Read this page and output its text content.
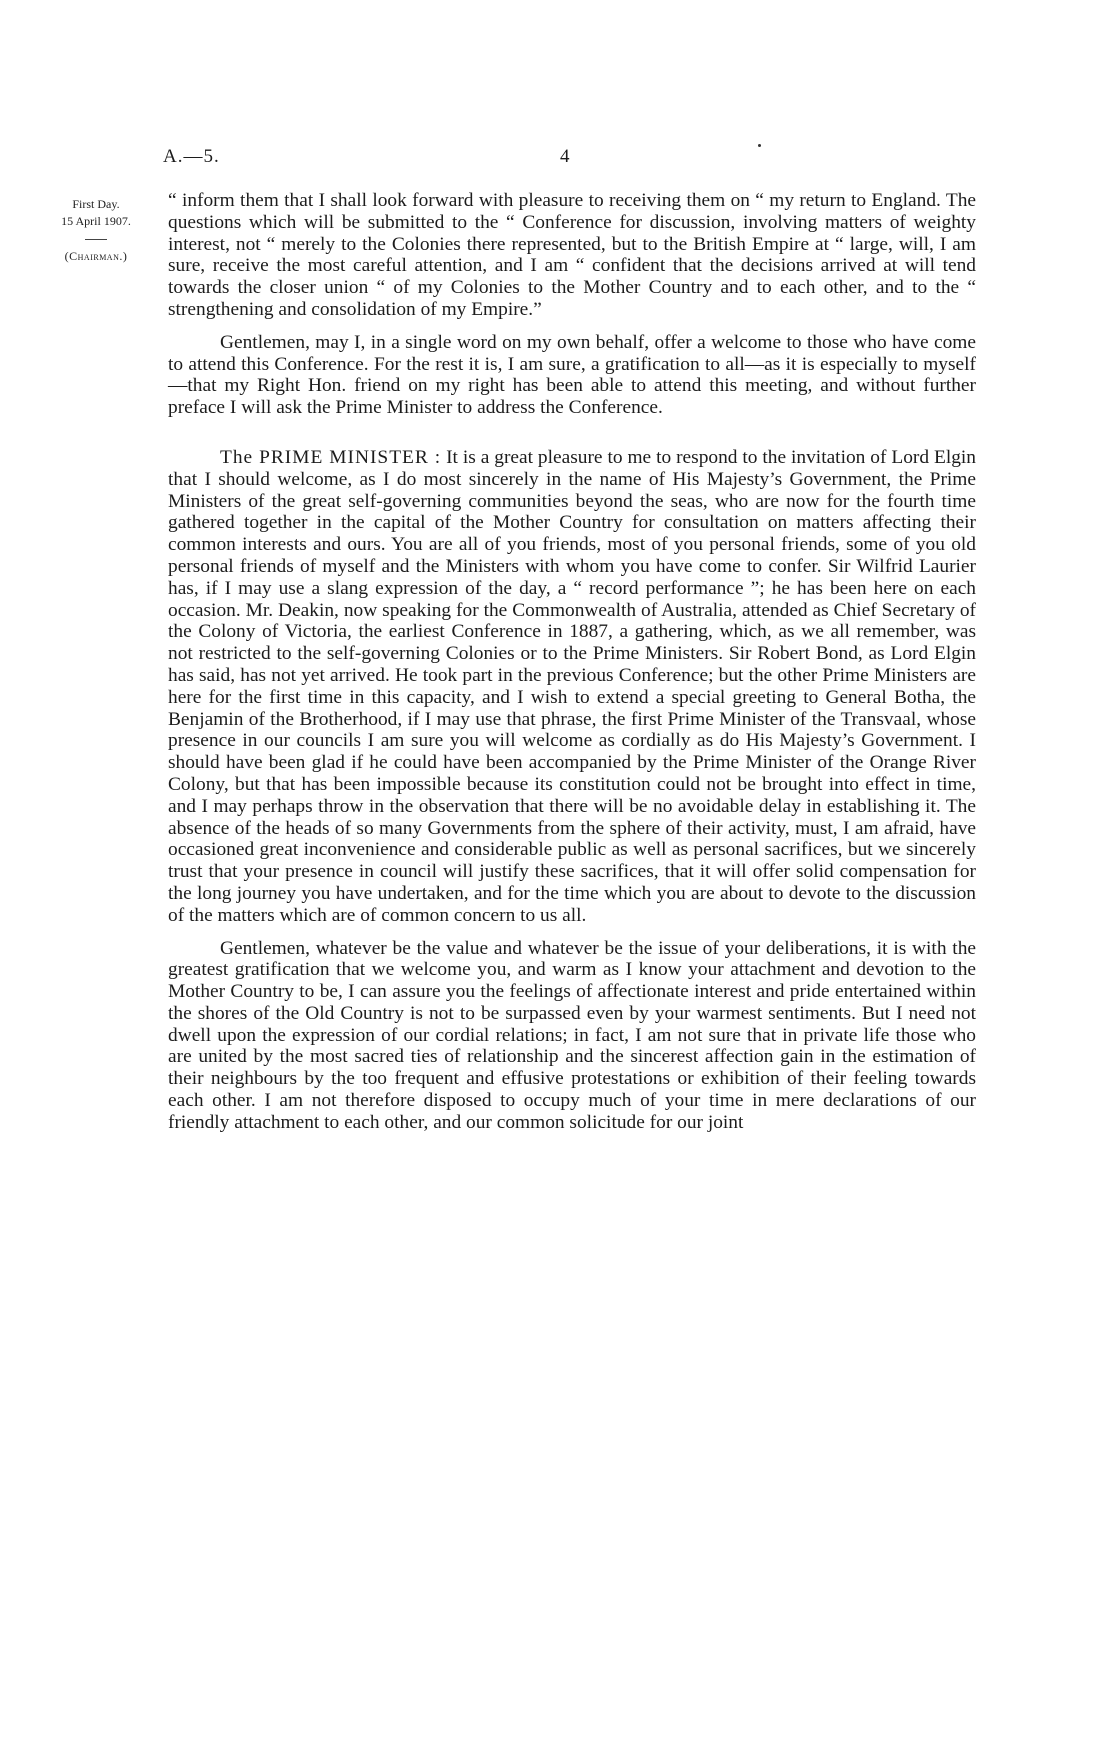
A.—5.	4
First Day.
15 April 1907.
(Chairman.)

“ inform them that I shall look forward with pleasure to receiving them on “ my return to England. The questions which will be submitted to the “ Conference for discussion, involving matters of weighty interest, not “ merely to the Colonies there represented, but to the British Empire at “ large, will, I am sure, receive the most careful attention, and I am “ confident that the decisions arrived at will tend towards the closer union “ of my Colonies to the Mother Country and to each other, and to the “ strengthening and consolidation of my Empire.”

Gentlemen, may I, in a single word on my own behalf, offer a welcome to those who have come to attend this Conference. For the rest it is, I am sure, a gratification to all—as it is especially to myself—that my Right Hon. friend on my right has been able to attend this meeting, and without further preface I will ask the Prime Minister to address the Conference.

The PRIME MINISTER : It is a great pleasure to me to respond to the invitation of Lord Elgin that I should welcome, as I do most sincerely in the name of His Majesty’s Government, the Prime Ministers of the great self-governing communities beyond the seas, who are now for the fourth time gathered together in the capital of the Mother Country for consultation on matters affecting their common interests and ours. You are all of you friends, most of you personal friends, some of you old personal friends of myself and the Ministers with whom you have come to confer. Sir Wilfrid Laurier has, if I may use a slang expression of the day, a “ record performance ”; he has been here on each occasion. Mr. Deakin, now speaking for the Commonwealth of Australia, attended as Chief Secretary of the Colony of Victoria, the earliest Conference in 1887, a gathering, which, as we all remember, was not restricted to the self-governing Colonies or to the Prime Ministers. Sir Robert Bond, as Lord Elgin has said, has not yet arrived. He took part in the previous Conference; but the other Prime Ministers are here for the first time in this capacity, and I wish to extend a special greeting to General Botha, the Benjamin of the Brotherhood, if I may use that phrase, the first Prime Minister of the Transvaal, whose presence in our councils I am sure you will welcome as cordially as do His Majesty’s Government. I should have been glad if he could have been accompanied by the Prime Minister of the Orange River Colony, but that has been impossible because its constitution could not be brought into effect in time, and I may perhaps throw in the observation that there will be no avoidable delay in establishing it. The absence of the heads of so many Governments from the sphere of their activity, must, I am afraid, have occasioned great inconvenience and considerable public as well as personal sacrifices, but we sincerely trust that your presence in council will justify these sacrifices, that it will offer solid compensation for the long journey you have undertaken, and for the time which you are about to devote to the discussion of the matters which are of common concern to us all.

Gentlemen, whatever be the value and whatever be the issue of your deliberations, it is with the greatest gratification that we welcome you, and warm as I know your attachment and devotion to the Mother Country to be, I can assure you the feelings of affectionate interest and pride entertained within the shores of the Old Country is not to be surpassed even by your warmest sentiments. But I need not dwell upon the expression of our cordial relations; in fact, I am not sure that in private life those who are united by the most sacred ties of relationship and the sincerest affection gain in the estimation of their neighbours by the too frequent and effusive protestations or exhibition of their feeling towards each other. I am not therefore disposed to occupy much of your time in mere declarations of our friendly attachment to each other, and our common solicitude for our joint
